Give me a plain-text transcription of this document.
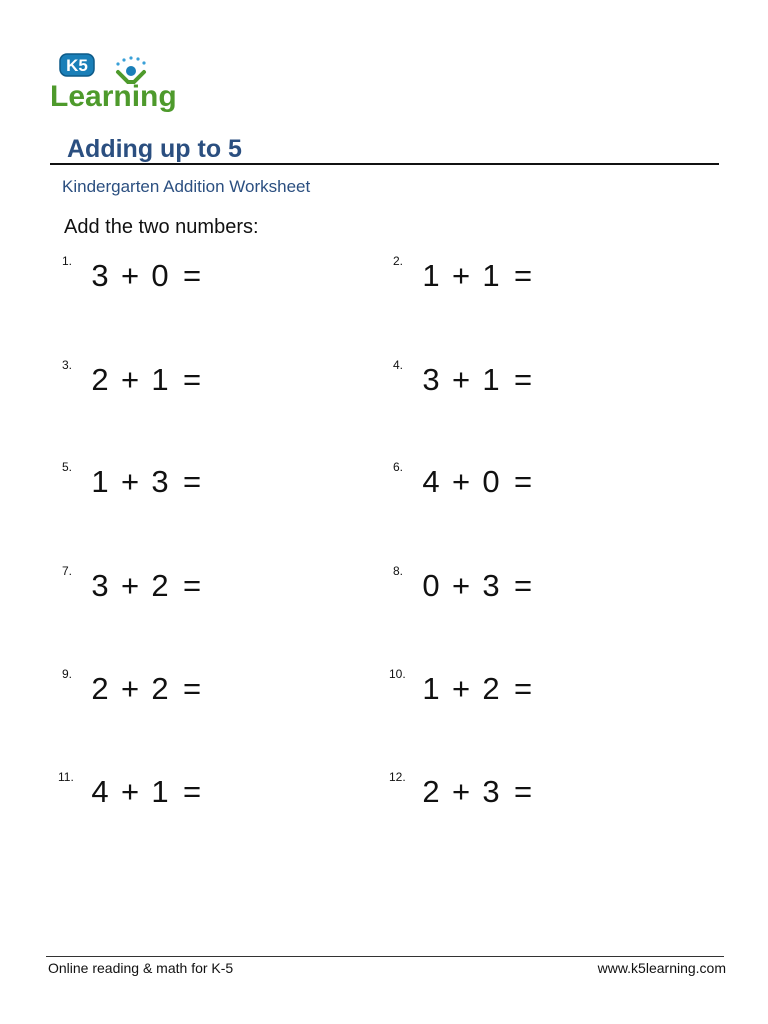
K5
Learning
Adding up to 5
Kindergarten Addition Worksheet
Add the two numbers:
1. 3 + 0 =	2. 1 + 1 =
3. 2 + 1 =	4. 3 + 1 =
5. 1 + 3 =	6. 4 + 0 =
7. 3 + 2 =	8. 0 + 3 =
9. 2 + 2 =	10. 1 + 2 =
11. 4 + 1 =	12. 2 + 3 =
Online reading & math for K-5	www.k5learning.com
